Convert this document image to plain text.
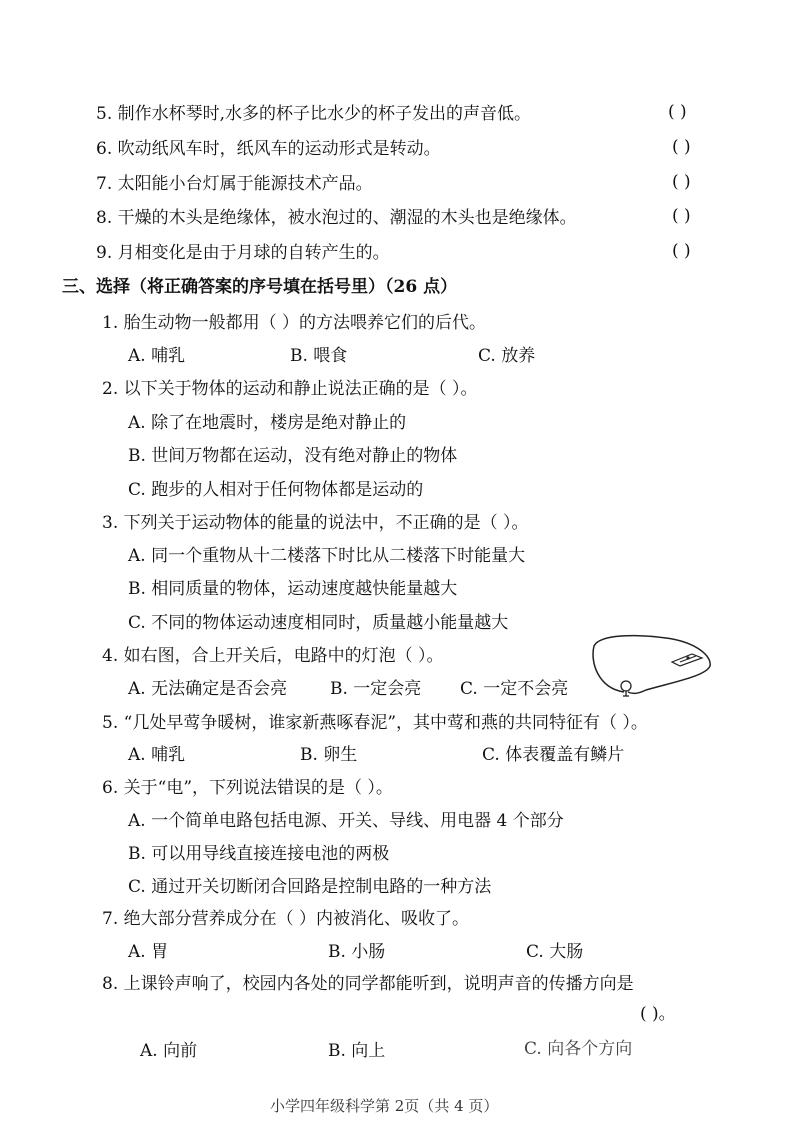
5. 制作水杯琴时,水多的杯子比水少的杯子发出的声音低。	( )
6. 吹动纸风车时，纸风车的运动形式是转动。	( )
7. 太阳能小台灯属于能源技术产品。	( )
8. 干燥的木头是绝缘体，被水泡过的、潮湿的木头也是绝缘体。	( )
9. 月相变化是由于月球的自转产生的。	( )
三、选择（将正确答案的序号填在括号里）（26 点）
1. 胎生动物一般都用（ ）的方法喂养它们的后代。
A. 哺乳	B. 喂食	C. 放养
2. 以下关于物体的运动和静止说法正确的是（ ）。
A. 除了在地震时，楼房是绝对静止的
B. 世间万物都在运动，没有绝对静止的物体
C. 跑步的人相对于任何物体都是运动的
3. 下列关于运动物体的能量的说法中，不正确的是（ ）。
A. 同一个重物从十二楼落下时比从二楼落下时能量大
B. 相同质量的物体，运动速度越快能量越大
C. 不同的物体运动速度相同时，质量越小能量越大
4. 如右图，合上开关后，电路中的灯泡（ ）。
A. 无法确定是否会亮	B. 一定会亮 C. 一定不会亮
5. “几处早莺争暖树，谁家新燕啄春泥”，其中莺和燕的共同特征有（ ）。
A. 哺乳	B. 卵生	C. 体表覆盖有鳞片
6. 关于“电”，下列说法错误的是（ ）。
A. 一个简单电路包括电源、开关、导线、用电器 4 个部分
B. 可以用导线直接连接电池的两极
C. 通过开关切断闭合回路是控制电路的一种方法
7. 绝大部分营养成分在（ ）内被消化、吸收了。
A. 胃	B. 小肠	C. 大肠
8. 上课铃声响了，校园内各处的同学都能听到，说明声音的传播方向是
( )。
A. 向前	B. 向上	C. 向各个方向
小学四年级科学第 2页（共 4 页）
